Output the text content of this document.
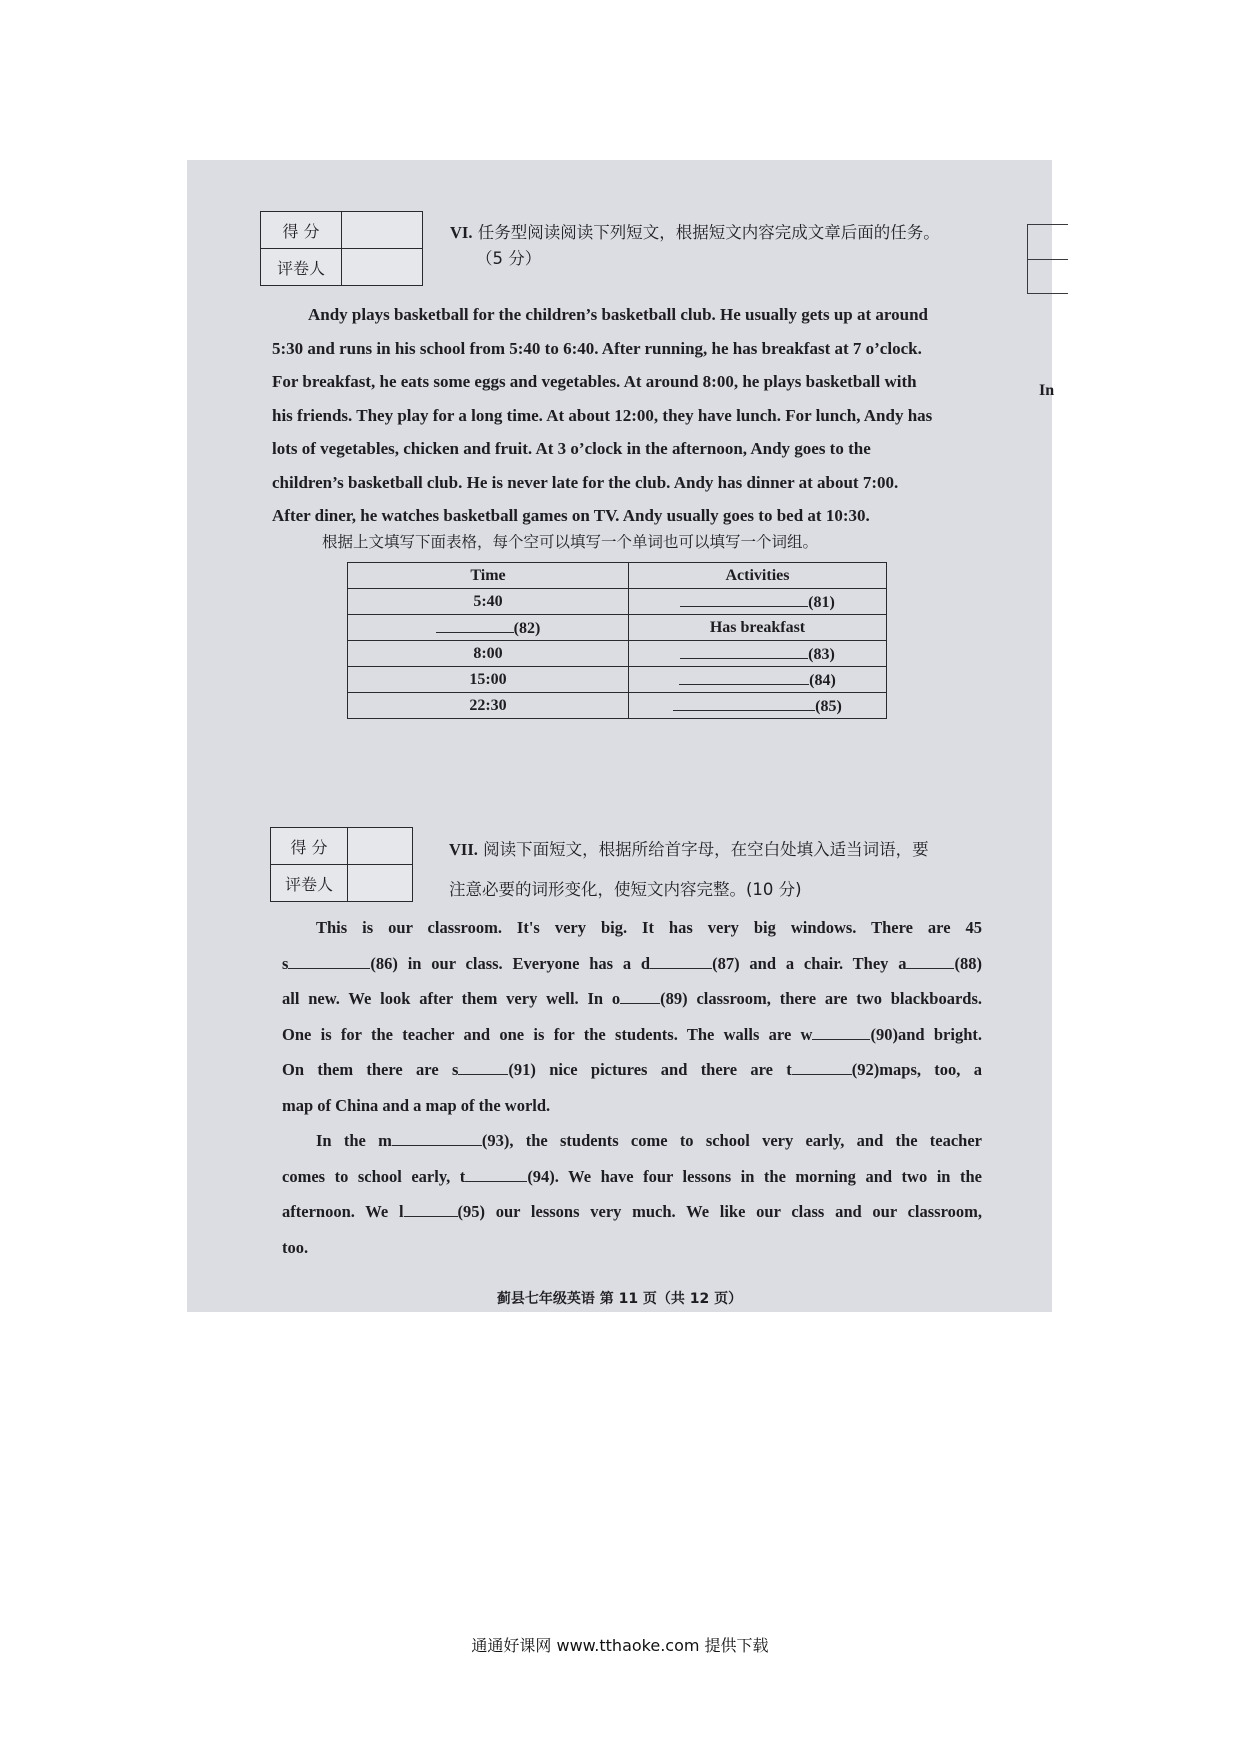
得 分	
评卷人	
VI. 任务型阅读阅读下列短文，根据短文内容完成文章后面的任务。
（5 分）

Andy plays basketball for the children’s basketball club. He usually gets up at around

5:30 and runs in his school from 5:40 to 6:40. After running, he has breakfast at 7 o’clock.

For breakfast, he eats some eggs and vegetables. At around 8:00, he plays basketball with

his friends. They play for a long time. At about 12:00, they have lunch. For lunch, Andy has

lots of vegetables, chicken and fruit. At 3 o’clock in the afternoon, Andy goes to the

children’s basketball club. He is never late for the club. Andy has dinner at about 7:00.

After diner, he watches basketball games on TV. Andy usually goes to bed at 10:30.

根据上文填写下面表格，每个空可以填写一个单词也可以填写一个词组。
Time	Activities
5:40	(81)
(82)	Has breakfast
8:00	(83)
15:00	(84)
22:30	(85)
得 分	
评卷人	
VII. 阅读下面短文，根据所给首字母，在空白处填入适当词语，要
注意必要的词形变化，使短文内容完整。(10 分)

This is our classroom. It's very big. It has very big windows. There are 45

s	(86) in our class. Everyone has a d	(87) and a chair. They a	(88)

all new. We look after them very well. In o (89) classroom, there are two blackboards.

One is for the teacher and one is for the students. The walls are w	(90)and bright.

On them there are s	(91) nice pictures and there are t	(92)maps, too, a

map of China and a map of the world.

In the m	(93), the students come to school very early, and the teacher

comes to school early, t	(94). We have four lessons in the morning and two in the

afternoon. We l	(95) our lessons very much. We like our class and our classroom,

too.

蓟县七年级英语 第 11 页（共 12 页）
In
通通好课网 www.tthaoke.com 提供下载
